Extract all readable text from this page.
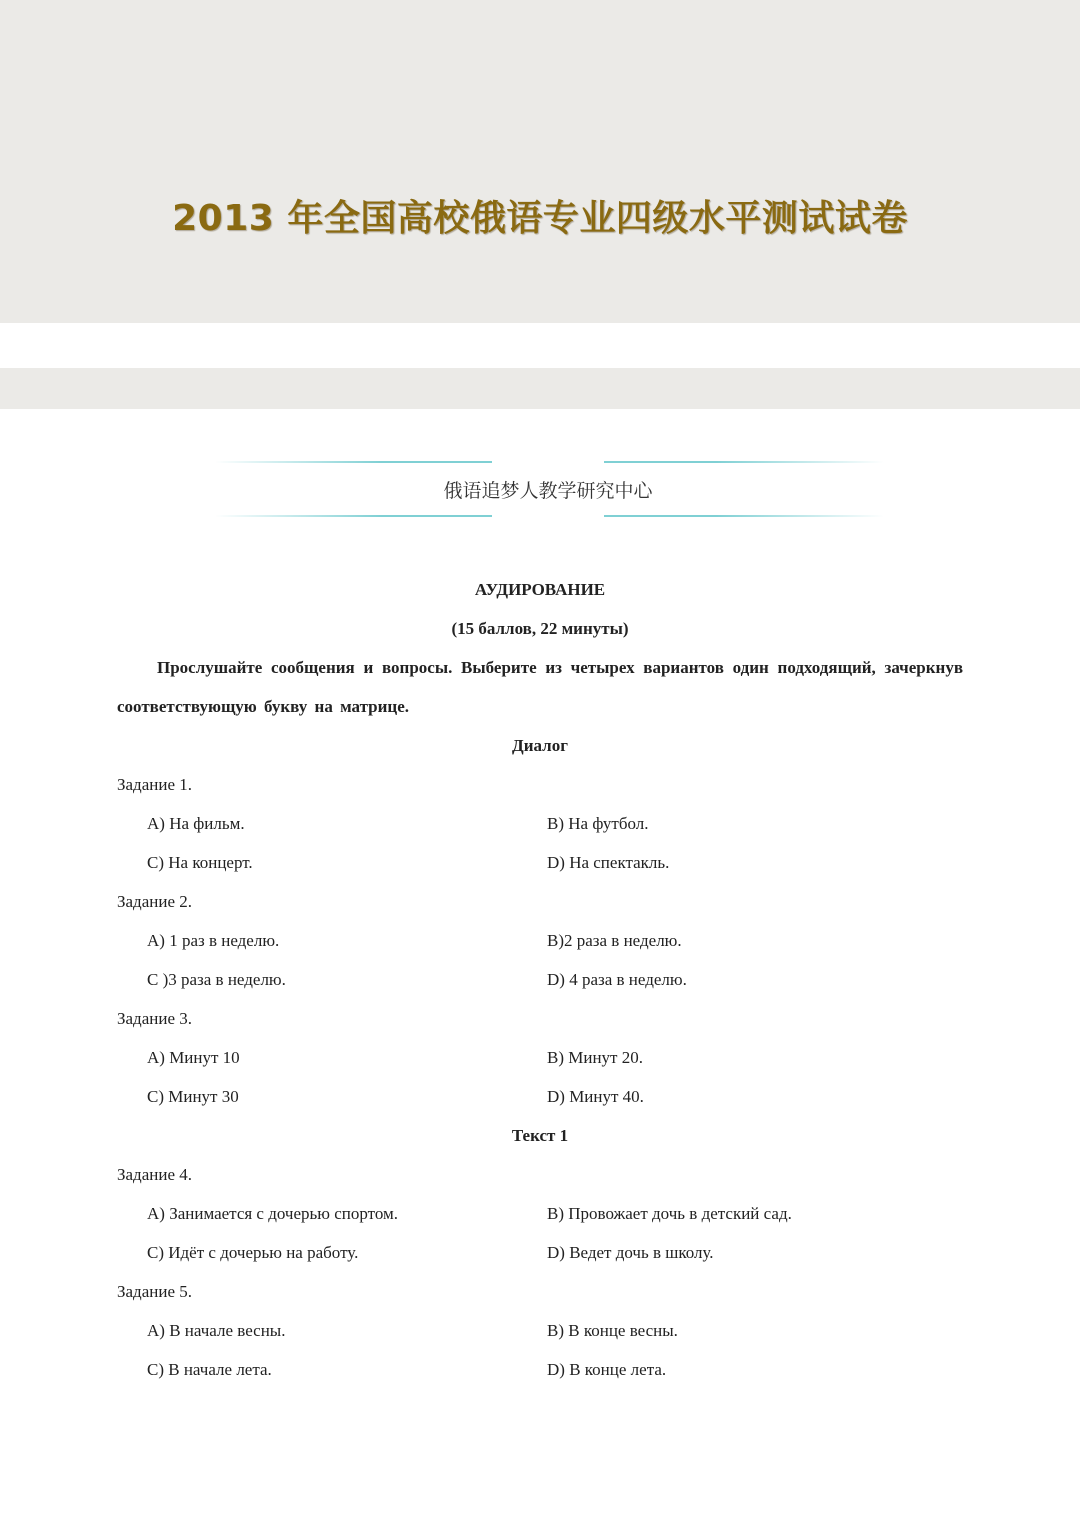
2013 年全国高校俄语专业四级水平测试试卷
俄语追梦人教学研究中心
АУДИРОВАНИЕ
(15 баллов, 22 минуты)
Прослушайте сообщения и вопросы. Выберите из четырех вариантов один подходящий, зачеркнув соответствующую букву на матрице.
Диалог
Задание 1.
A) На фильм.	B) На футбол.
C) На концерт.	D) На спектакль.
Задание 2.
A) 1 раз в неделю.	B)2 раза в неделю.
C )3 раза в неделю.	D) 4 раза в неделю.
Задание 3.
A) Минут 10	B) Минут 20.
C) Минут 30	D) Минут 40.
Текст 1
Задание 4.
A) Занимается с дочерью спортом.	B) Провожает дочь в детский сад.
C) Идёт с дочерью на работу.	D) Ведет дочь в школу.
Задание 5.
A) В начале весны.	B) В конце весны.
C) В начале лета.	D) В конце лета.
